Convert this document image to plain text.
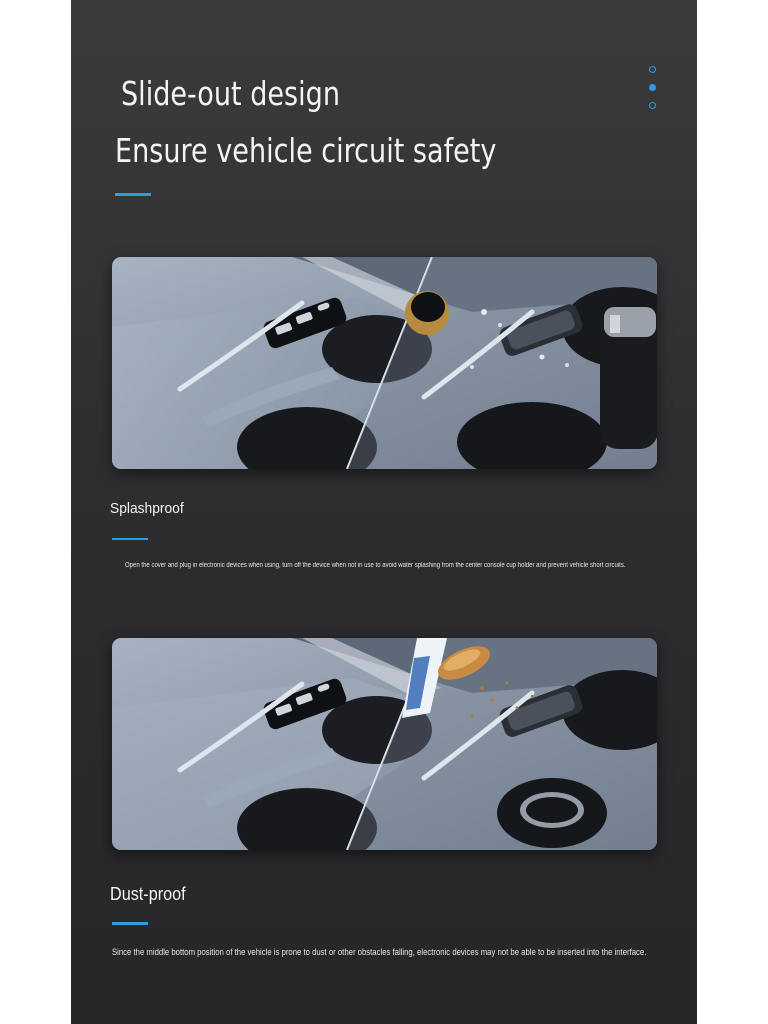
Slide-out design
Ensure vehicle circuit safety
Splashproof

Open the cover and plug in electronic devices when using, turn off the device when not in use to avoid water splashing from the center console cup holder and prevent vehicle short circuits.

Dust-proof

Since the middle bottom position of the vehicle is prone to dust or other obstacles falling, electronic devices may not be able to be inserted into the interface.
